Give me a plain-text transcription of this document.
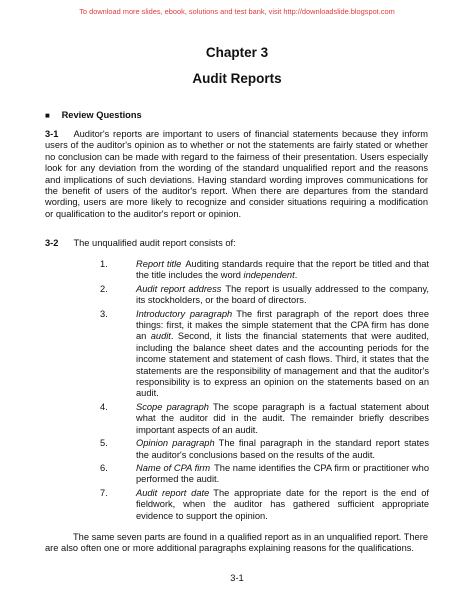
To download more slides, ebook, solutions and test bank, visit http://downloadslide.blogspot.com
Chapter 3
Audit Reports
■ Review Questions
3-1 Auditor's reports are important to users of financial statements because they inform users of the auditor's opinion as to whether or not the statements are fairly stated or whether no conclusion can be made with regard to the fairness of their presentation. Users especially look for any deviation from the wording of the standard unqualified report and the reasons and implications of such deviations. Having standard wording improves communications for the benefit of users of the auditor's report. When there are departures from the standard wording, users are more likely to recognize and consider situations requiring a modification or qualification to the auditor's report or opinion.
3-2 The unqualified audit report consists of:
1.	Report title Auditing standards require that the report be titled and that the title includes the word independent.
2.	Audit report address The report is usually addressed to the company, its stockholders, or the board of directors.
3.	Introductory paragraph The first paragraph of the report does three things: first, it makes the simple statement that the CPA firm has done an audit. Second, it lists the financial statements that were audited, including the balance sheet dates and the accounting periods for the income statement and statement of cash flows. Third, it states that the statements are the responsibility of management and that the auditor's responsibility is to express an opinion on the statements based on an audit.
4.	Scope paragraph The scope paragraph is a factual statement about what the auditor did in the audit. The remainder briefly describes important aspects of an audit.
5.	Opinion paragraph The final paragraph in the standard report states the auditor's conclusions based on the results of the audit.
6.	Name of CPA firm The name identifies the CPA firm or practitioner who performed the audit.
7.	Audit report date The appropriate date for the report is the end of fieldwork, when the auditor has gathered sufficient appropriate evidence to support the opinion.
The same seven parts are found in a qualified report as in an unqualified report. There are also often one or more additional paragraphs explaining reasons for the qualifications.
3-1
